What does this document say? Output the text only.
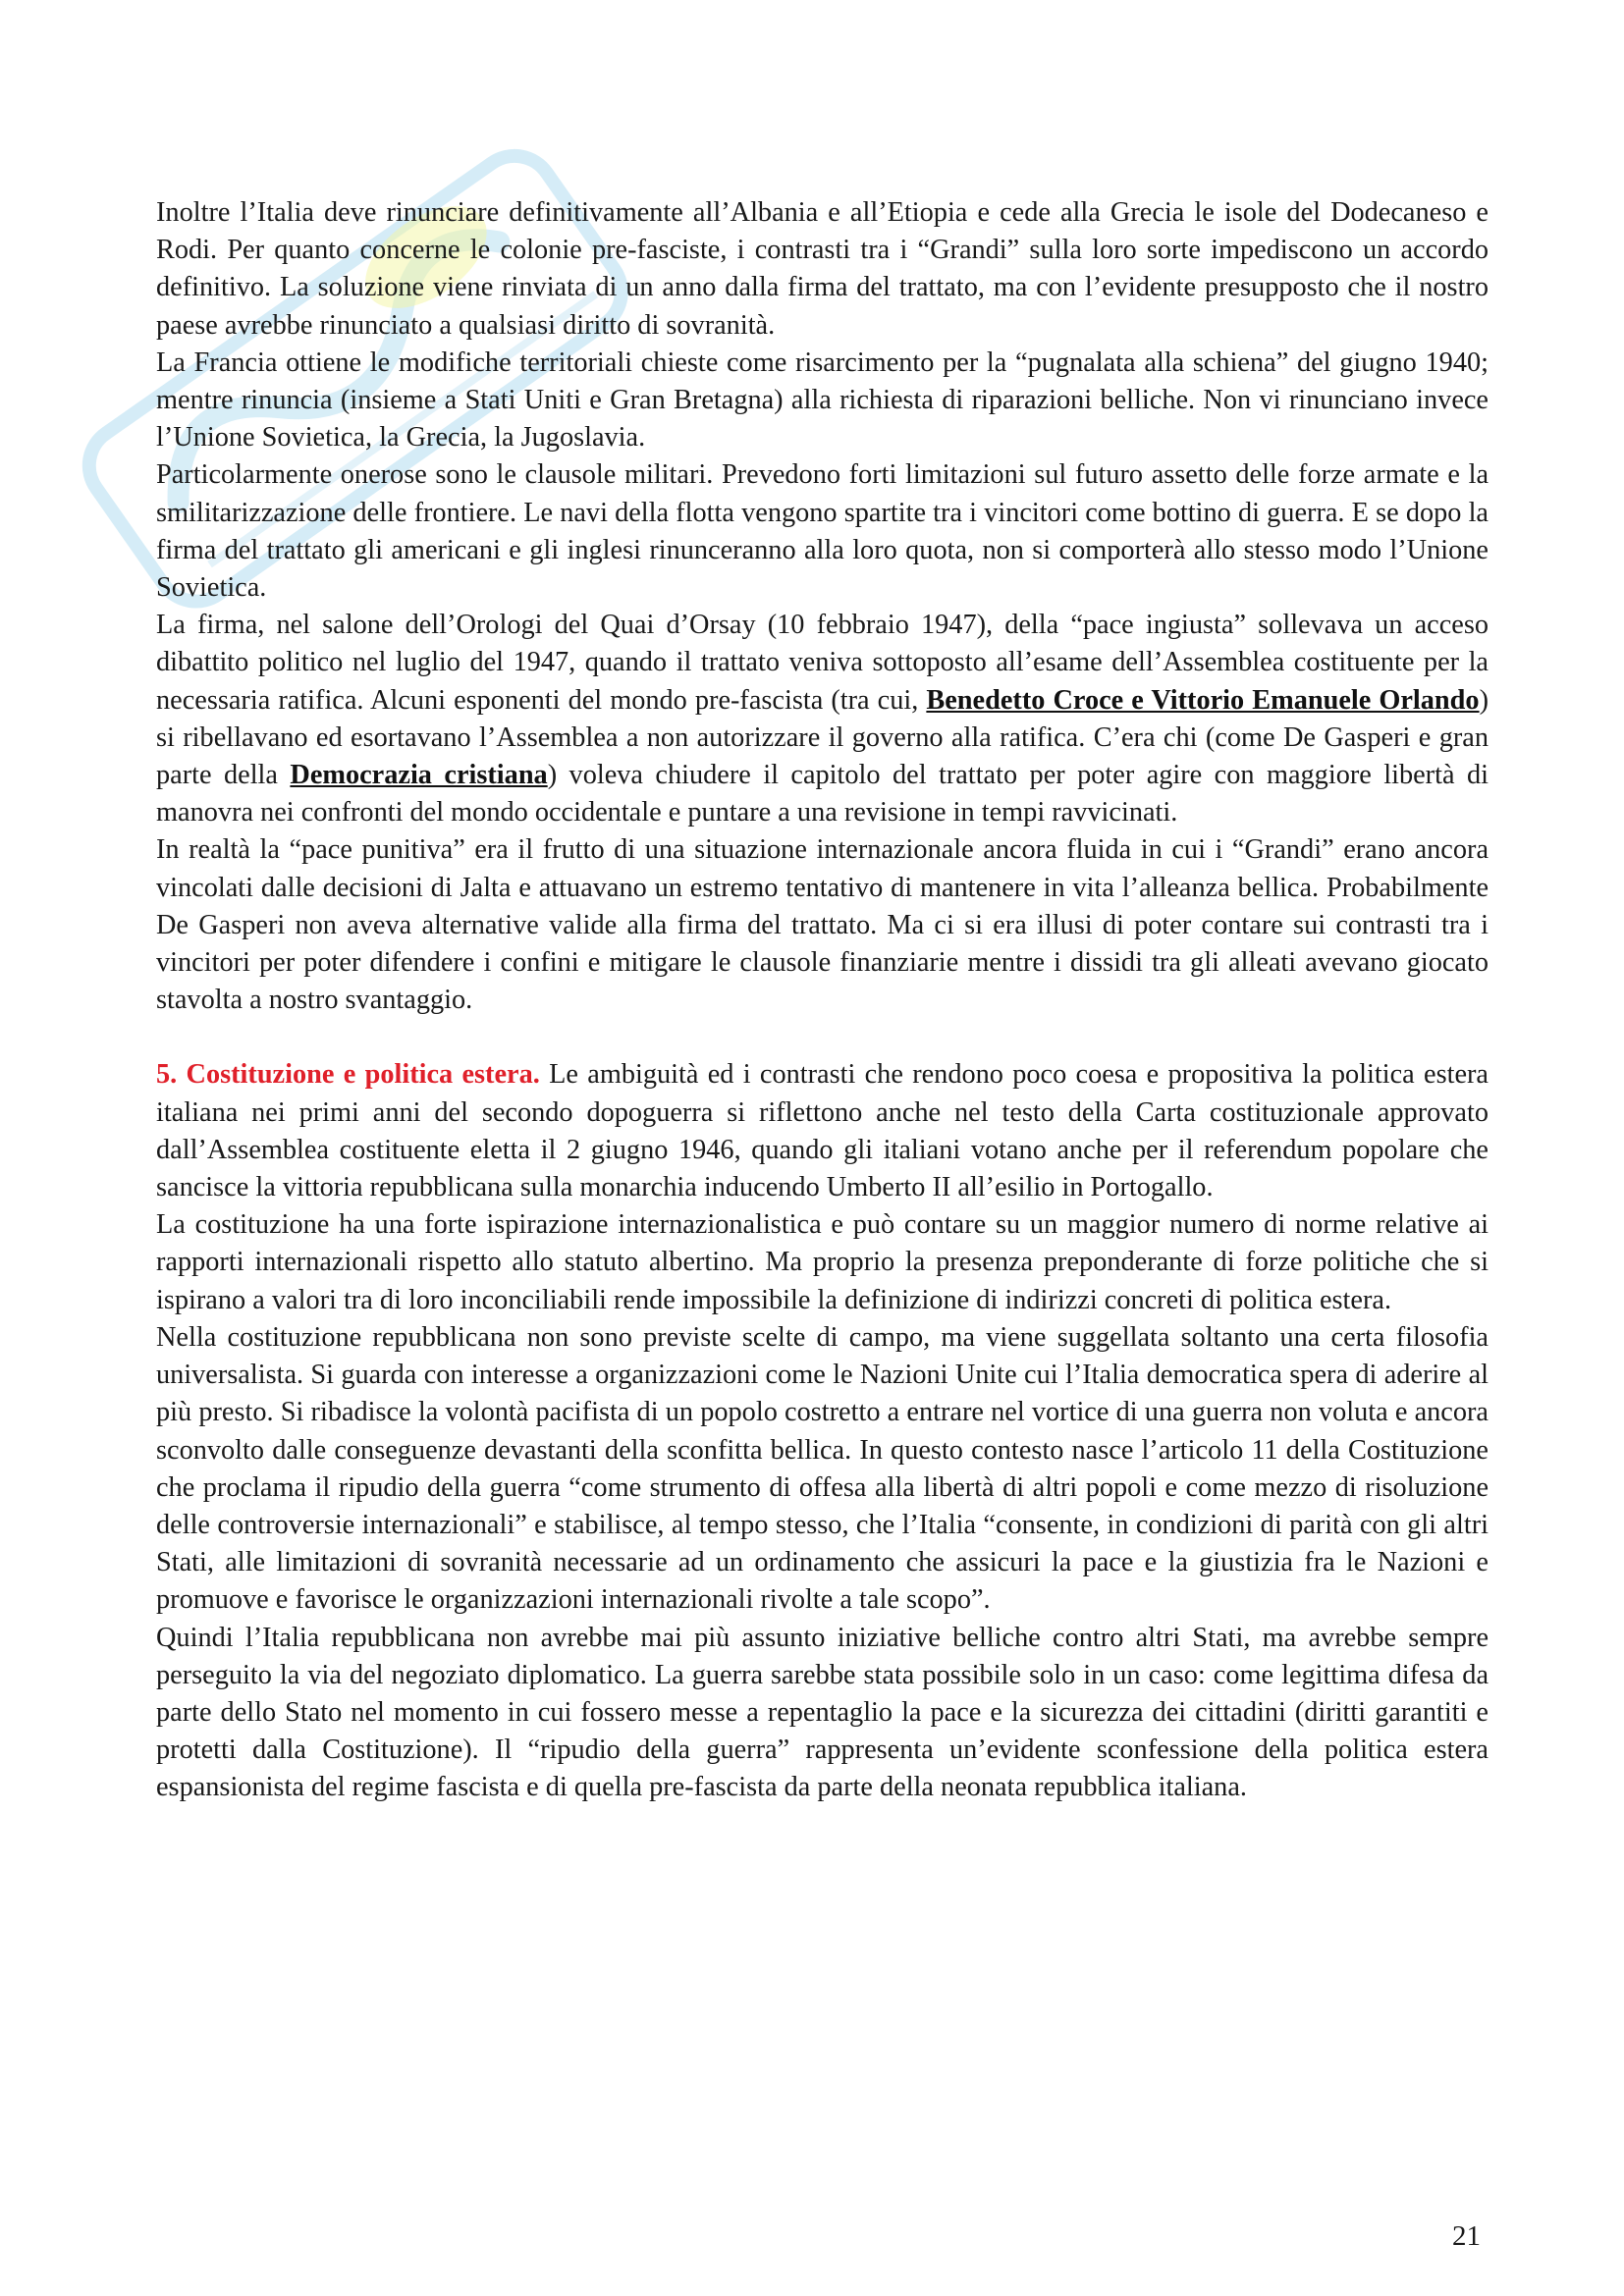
Inoltre l’Italia deve rinunciare definitivamente all’Albania e all’Etiopia e cede alla Grecia le isole del Dodecaneso e Rodi. Per quanto concerne le colonie pre-fasciste, i contrasti tra i “Grandi” sulla loro sorte impediscono un accordo definitivo. La soluzione viene rinviata di un anno dalla firma del trattato, ma con l’evidente presupposto che il nostro paese avrebbe rinunciato a qualsiasi diritto di sovranità.

La Francia ottiene le modifiche territoriali chieste come risarcimento per la “pugnalata alla schiena” del giugno 1940; mentre rinuncia (insieme a Stati Uniti e Gran Bretagna) alla richiesta di riparazioni belliche. Non vi rinunciano invece l’Unione Sovietica, la Grecia, la Jugoslavia.

Particolarmente onerose sono le clausole militari. Prevedono forti limitazioni sul futuro assetto delle forze armate e la smilitarizzazione delle frontiere. Le navi della flotta vengono spartite tra i vincitori come bottino di guerra. E se dopo la firma del trattato gli americani e gli inglesi rinunceranno alla loro quota, non si comporterà allo stesso modo l’Unione Sovietica.

La firma, nel salone dell’Orologi del Quai d’Orsay (10 febbraio 1947), della “pace ingiusta” sollevava un acceso dibattito politico nel luglio del 1947, quando il trattato veniva sottoposto all’esame dell’Assemblea costituente per la necessaria ratifica. Alcuni esponenti del mondo pre-fascista (tra cui, Benedetto Croce e Vittorio Emanuele Orlando) si ribellavano ed esortavano l’Assemblea a non autorizzare il governo alla ratifica. C’era chi (come De Gasperi e gran parte della Democrazia cristiana) voleva chiudere il capitolo del trattato per poter agire con maggiore libertà di manovra nei confronti del mondo occidentale e puntare a una revisione in tempi ravvicinati.

In realtà la “pace punitiva” era il frutto di una situazione internazionale ancora fluida in cui i “Grandi” erano ancora vincolati dalle decisioni di Jalta e attuavano un estremo tentativo di mantenere in vita l’alleanza bellica. Probabilmente De Gasperi non aveva alternative valide alla firma del trattato. Ma ci si era illusi di poter contare sui contrasti tra i vincitori per poter difendere i confini e mitigare le clausole finanziarie mentre i dissidi tra gli alleati avevano giocato stavolta a nostro svantaggio.

5. Costituzione e politica estera. Le ambiguità ed i contrasti che rendono poco coesa e propositiva la politica estera italiana nei primi anni del secondo dopoguerra si riflettono anche nel testo della Carta costituzionale approvato dall’Assemblea costituente eletta il 2 giugno 1946, quando gli italiani votano anche per il referendum popolare che sancisce la vittoria repubblicana sulla monarchia inducendo Umberto II all’esilio in Portogallo.

La costituzione ha una forte ispirazione internazionalistica e può contare su un maggior numero di norme relative ai rapporti internazionali rispetto allo statuto albertino. Ma proprio la presenza preponderante di forze politiche che si ispirano a valori tra di loro inconciliabili rende impossibile la definizione di indirizzi concreti di politica estera.

Nella costituzione repubblicana non sono previste scelte di campo, ma viene suggellata soltanto una certa filosofia universalista. Si guarda con interesse a organizzazioni come le Nazioni Unite cui l’Italia democratica spera di aderire al più presto. Si ribadisce la volontà pacifista di un popolo costretto a entrare nel vortice di una guerra non voluta e ancora sconvolto dalle conseguenze devastanti della sconfitta bellica. In questo contesto nasce l’articolo 11 della Costituzione che proclama il ripudio della guerra “come strumento di offesa alla libertà di altri popoli e come mezzo di risoluzione delle controversie internazionali” e stabilisce, al tempo stesso, che l’Italia “consente, in condizioni di parità con gli altri Stati, alle limitazioni di sovranità necessarie ad un ordinamento che assicuri la pace e la giustizia fra le Nazioni e promuove e favorisce le organizzazioni internazionali rivolte a tale scopo”.

Quindi l’Italia repubblicana non avrebbe mai più assunto iniziative belliche contro altri Stati, ma avrebbe sempre perseguito la via del negoziato diplomatico. La guerra sarebbe stata possibile solo in un caso: come legittima difesa da parte dello Stato nel momento in cui fossero messe a repentaglio la pace e la sicurezza dei cittadini (diritti garantiti e protetti dalla Costituzione). Il “ripudio della guerra” rappresenta un’evidente sconfessione della politica estera espansionista del regime fascista e di quella pre-fascista da parte della neonata repubblica italiana.

21
